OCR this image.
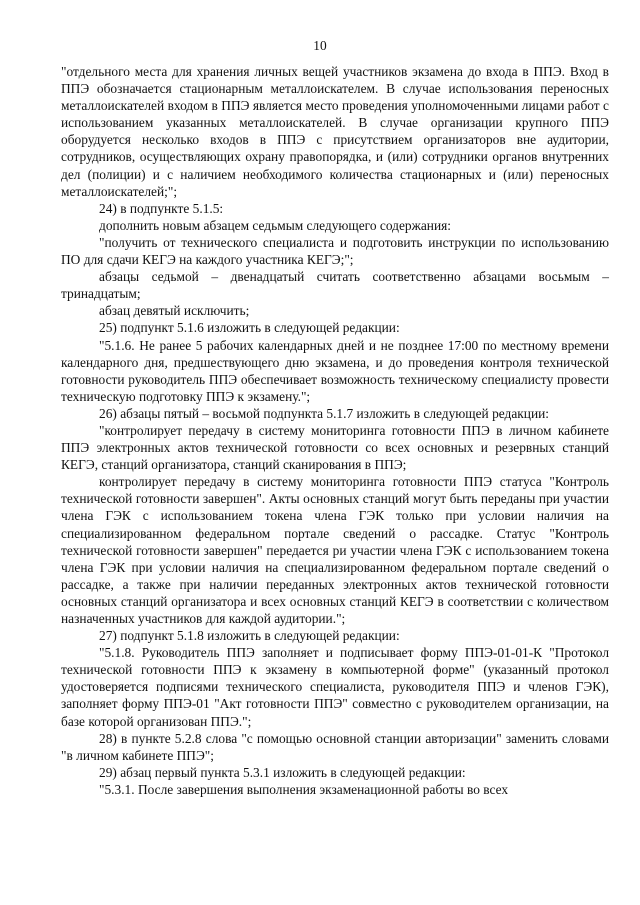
10

"отдельного места для хранения личных вещей участников экзамена до входа в ППЭ. Вход в ППЭ обозначается стационарным металлоискателем. В случае использования переносных металлоискателей входом в ППЭ является место проведения уполномоченными лицами работ с использованием указанных металлоискателей. В случае организации крупного ППЭ оборудуется несколько входов в ППЭ с присутствием организаторов вне аудитории, сотрудников, осуществляющих охрану правопорядка, и (или) сотрудники органов внутренних дел (полиции) и с наличием необходимого количества стационарных и (или) переносных металлоискателей;";

24) в подпункте 5.1.5:

дополнить новым абзацем седьмым следующего содержания:

"получить от технического специалиста и подготовить инструкции по использованию ПО для сдачи КЕГЭ на каждого участника КЕГЭ;";

абзацы седьмой – двенадцатый считать соответственно абзацами восьмым – тринадцатым;

абзац девятый исключить;

25) подпункт 5.1.6 изложить в следующей редакции:

"5.1.6. Не ранее 5 рабочих календарных дней и не позднее 17:00 по местному времени календарного дня, предшествующего дню экзамена, и до проведения контроля технической готовности руководитель ППЭ обеспечивает возможность техническому специалисту провести техническую подготовку ППЭ к экзамену.";

26) абзацы пятый – восьмой подпункта 5.1.7 изложить в следующей редакции:

"контролирует передачу в систему мониторинга готовности ППЭ в личном кабинете ППЭ электронных актов технической готовности со всех основных и резервных станций КЕГЭ, станций организатора, станций сканирования в ППЭ;

контролирует передачу в систему мониторинга готовности ППЭ статуса "Контроль технической готовности завершен". Акты основных станций могут быть переданы при участии члена ГЭК с использованием токена члена ГЭК только при условии наличия на специализированном федеральном портале сведений о рассадке. Статус "Контроль технической готовности завершен" передается ри участии члена ГЭК с использованием токена члена ГЭК при условии наличия на специализированном федеральном портале сведений о рассадке, а также при наличии переданных электронных актов технической готовности основных станций организатора и всех основных станций КЕГЭ в соответствии с количеством назначенных участников для каждой аудитории.";

27) подпункт 5.1.8 изложить в следующей редакции:

"5.1.8. Руководитель ППЭ заполняет и подписывает форму ППЭ-01-01-К "Протокол технической готовности ППЭ к экзамену в компьютерной форме" (указанный протокол удостоверяется подписями технического специалиста, руководителя ППЭ и членов ГЭК), заполняет форму ППЭ-01 "Акт готовности ППЭ" совместно с руководителем организации, на базе которой организован ППЭ.";

28) в пункте 5.2.8 слова "с помощью основной станции авторизации" заменить словами "в личном кабинете ППЭ";

29) абзац первый пункта 5.3.1 изложить в следующей редакции:

"5.3.1. После завершения выполнения экзаменационной работы во всех
